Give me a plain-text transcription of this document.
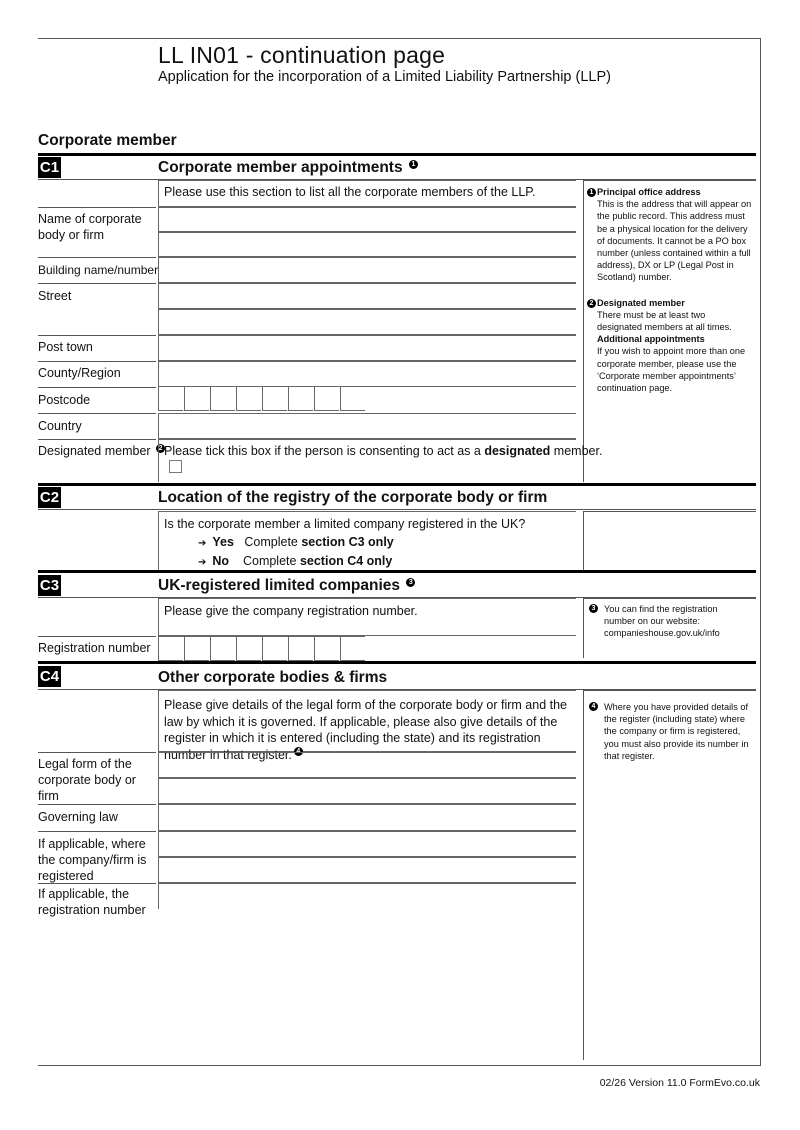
LL IN01 - continuation page
Application for the incorporation of a Limited Liability Partnership (LLP)
Corporate member
C1	Corporate member appointments 1
Please use this section to list all the corporate members of the LLP.	1 Principal office address
This is the address that will appear on the public record. This address must be a physical location for the delivery of documents. It cannot be a PO box number (unless contained within a full address), DX or LP (Legal Post in Scotland) number.
2 Designated member
There must be at least two designated members at all times.
Additional appointments
If you wish to appoint more than one corporate member, please use the ‘Corporate member appointments’ continuation page.
Name of corporate body or firm
Building name/number
Street
Post town
County/Region
Postcode
Country
Designated member 2 Please tick this box if the person is consenting to act as a designated member.
C2	Location of the registry of the corporate body or firm
Is the corporate member a limited company registered in the UK?
➔ Yes Complete section C3 only
➔ No Complete section C4 only
C3	UK-registered limited companies 3
Please give the company registration number.	3 You can find the registration number on our website: companieshouse.gov.uk/info
Registration number
C4	Other corporate bodies & firms
Please give details of the legal form of the corporate body or firm and the law by which it is governed. If applicable, please also give details of the register in which it is entered (including the state) and its registration number in that register. 4
4 Where you have provided details of the register (including state) where the company or firm is registered, you must also provide its number in that register.
Legal form of the corporate body or firm
Governing law
If applicable, where the company/firm is registered
If applicable, the registration number
02/26 Version 11.0 FormEvo.co.uk
